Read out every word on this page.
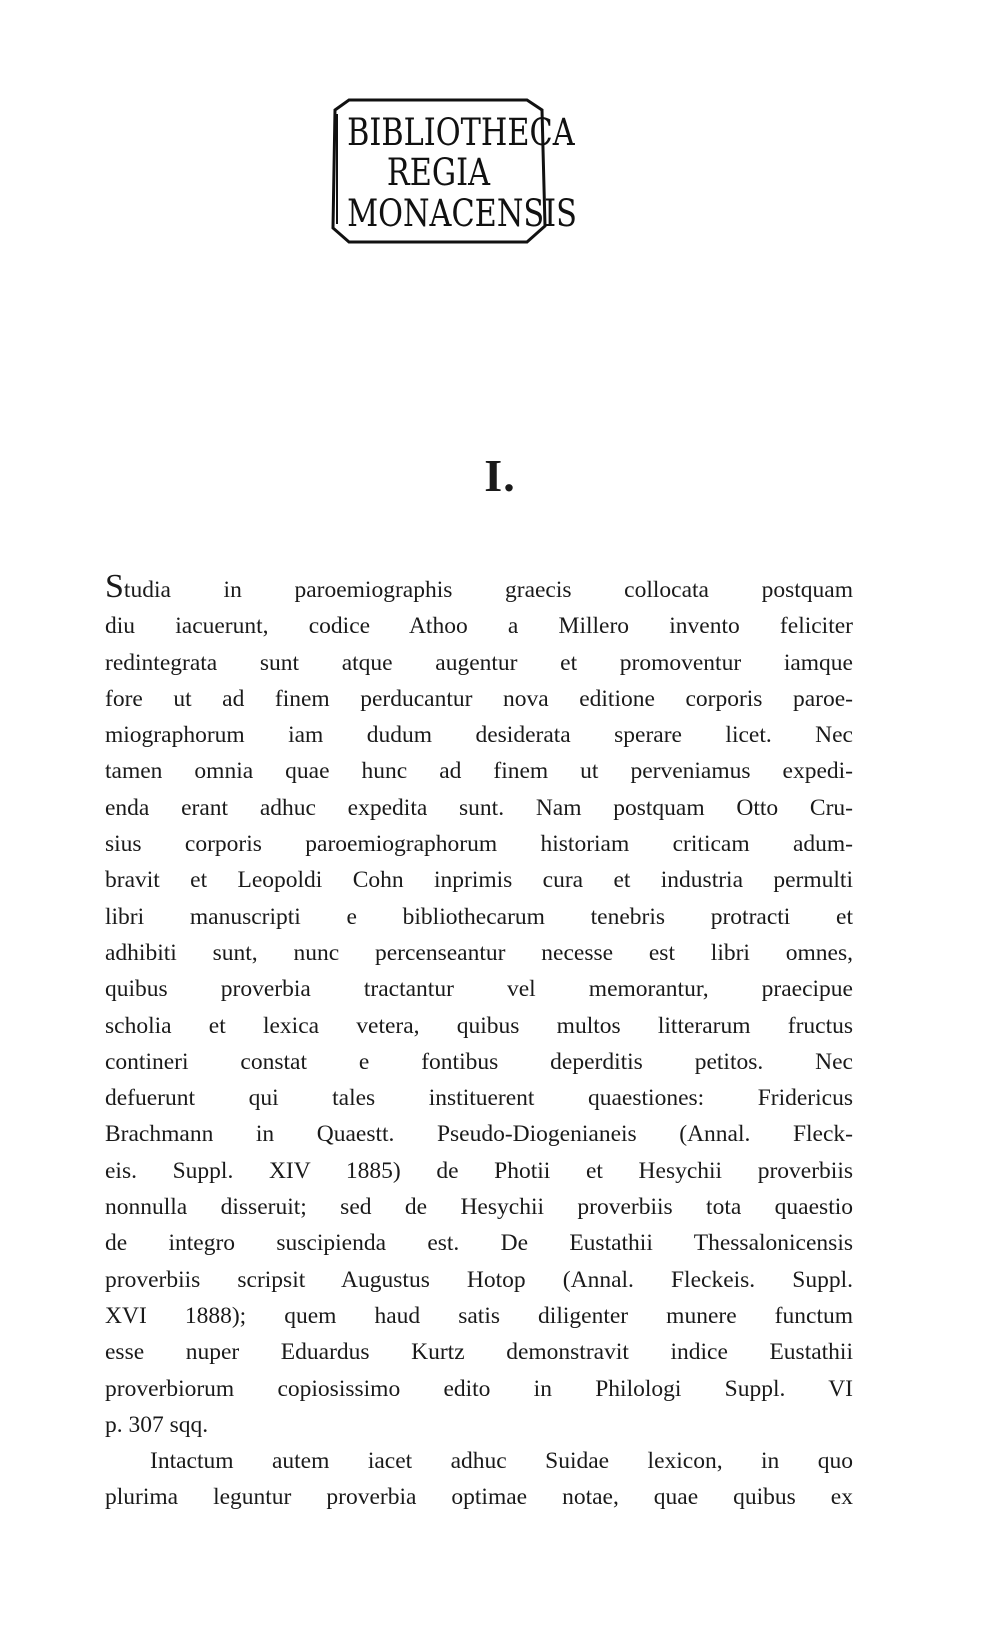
BIBLIOTHECA
REGIA
MONACENSIS
I.
Studia in paroemiographis graecis collocata postquam
diu iacuerunt, codice Athoo a Millero invento feliciter
redintegrata sunt atque augentur et promoventur iamque
fore ut ad finem perducantur nova editione corporis paroe-
miographorum iam dudum desiderata sperare licet. Nec
tamen omnia quae hunc ad finem ut perveniamus expedi-
enda erant adhuc expedita sunt. Nam postquam Otto Cru-
sius corporis paroemiographorum historiam criticam adum-
bravit et Leopoldi Cohn inprimis cura et industria permulti
libri manuscripti e bibliothecarum tenebris protracti et
adhibiti sunt, nunc percenseantur necesse est libri omnes,
quibus proverbia tractantur vel memorantur, praecipue
scholia et lexica vetera, quibus multos litterarum fructus
contineri constat e fontibus deperditis petitos. Nec
defuerunt qui tales instituerent quaestiones: Fridericus
Brachmann in Quaestt. Pseudo-Diogenianeis (Annal. Fleck-
eis. Suppl. XIV 1885) de Photii et Hesychii proverbiis
nonnulla disseruit; sed de Hesychii proverbiis tota quaestio
de integro suscipienda est. De Eustathii Thessalonicensis
proverbiis scripsit Augustus Hotop (Annal. Fleckeis. Suppl.
XVI 1888); quem haud satis diligenter munere functum
esse nuper Eduardus Kurtz demonstravit indice Eustathii
proverbiorum copiosissimo edito in Philologi Suppl. VI
p. 307 sqq.
Intactum autem iacet adhuc Suidae lexicon, in quo
plurima leguntur proverbia optimae notae, quae quibus ex
